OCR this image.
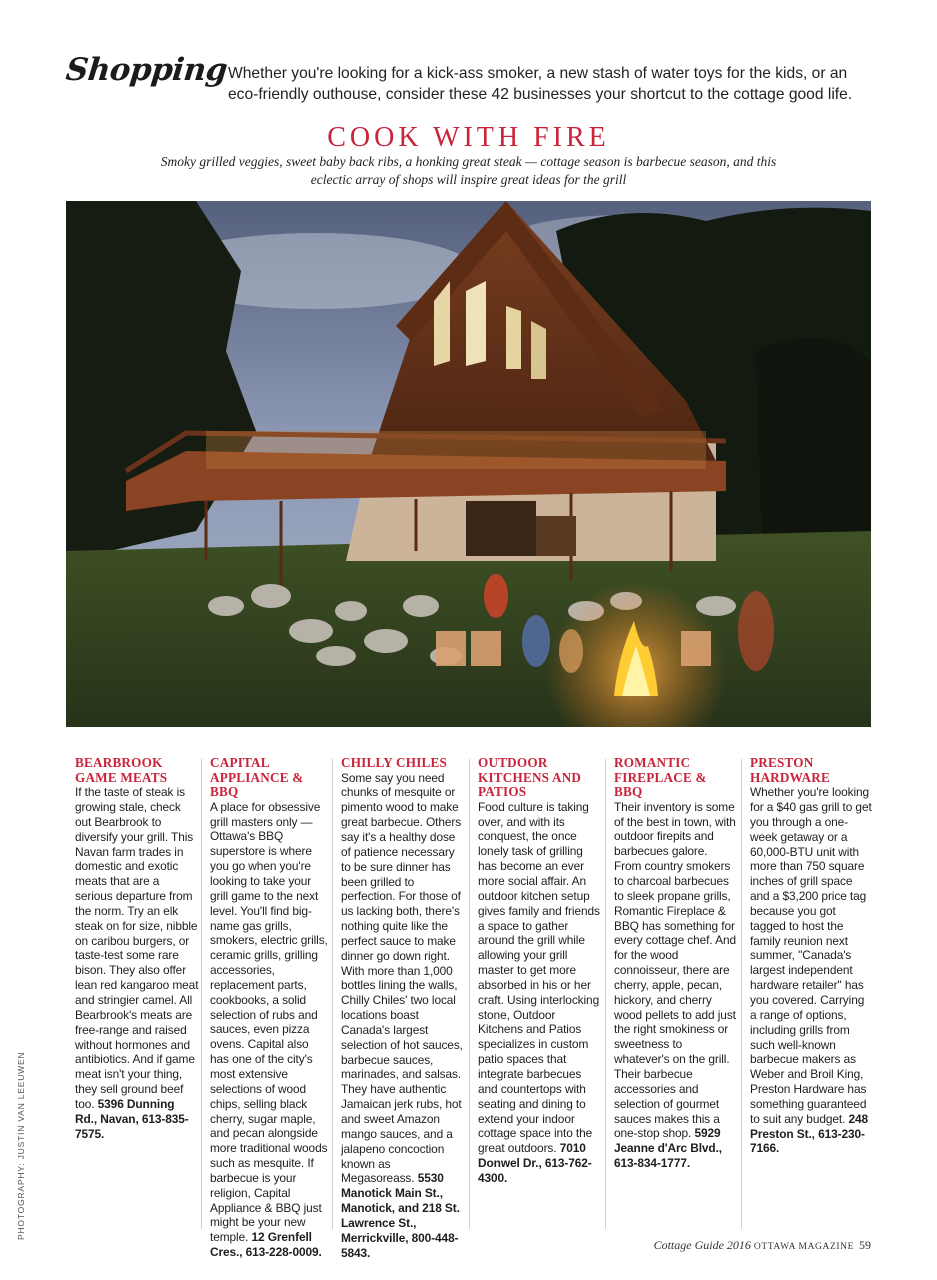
Shopping Whether you're looking for a kick-ass smoker, a new stash of water toys for the kids, or an eco-friendly outhouse, consider these 42 businesses your shortcut to the cottage good life.
COOK WITH FIRE
Smoky grilled veggies, sweet baby back ribs, a honking great steak — cottage season is barbecue season, and this eclectic array of shops will inspire great ideas for the grill
PHOTOGRAPHY: JUSTIN VAN LEEUWEN
BEARBROOK GAME MEATS

If the taste of steak is growing stale, check out Bearbrook to diversify your grill. This Navan farm trades in domestic and exotic meats that are a serious departure from the norm. Try an elk steak on for size, nibble on caribou burgers, or taste-test some rare bison. They also offer lean red kangaroo meat and stringier camel. All Bearbrook's meats are free-range and raised without hormones and antibiotics. And if game meat isn't your thing, they sell ground beef too. 5396 Dunning Rd., Navan, 613-835-7575.

CAPITAL APPLIANCE & BBQ

A place for obsessive grill masters only — Ottawa's BBQ superstore is where you go when you're looking to take your grill game to the next level. You'll find big-name gas grills, smokers, electric grills, ceramic grills, grilling accessories, replacement parts, cookbooks, a solid selection of rubs and sauces, even pizza ovens. Capital also has one of the city's most extensive selections of wood chips, selling black cherry, sugar maple, and pecan alongside more traditional woods such as mesquite. If barbecue is your religion, Capital Appliance & BBQ just might be your new temple. 12 Grenfell Cres., 613-228-0009.

CHILLY CHILES

Some say you need chunks of mesquite or pimento wood to make great barbecue. Others say it's a healthy dose of patience necessary to be sure dinner has been grilled to perfection. For those of us lacking both, there's nothing quite like the perfect sauce to make dinner go down right. With more than 1,000 bottles lining the walls, Chilly Chiles' two local locations boast Canada's largest selection of hot sauces, barbecue sauces, marinades, and salsas. They have authentic Jamaican jerk rubs, hot and sweet Amazon mango sauces, and a jalapeno concoction known as Megasoreass. 5530 Manotick Main St., Manotick, and 218 St. Lawrence St., Merrickville, 800-448-5843.

OUTDOOR KITCHENS AND PATIOS

Food culture is taking over, and with its conquest, the once lonely task of grilling has become an ever more social affair. An outdoor kitchen setup gives family and friends a space to gather around the grill while allowing your grill master to get more absorbed in his or her craft. Using interlocking stone, Outdoor Kitchens and Patios specializes in custom patio spaces that integrate barbecues and countertops with seating and dining to extend your indoor cottage space into the great outdoors. 7010 Donwel Dr., 613-762-4300.

ROMANTIC FIREPLACE & BBQ

Their inventory is some of the best in town, with outdoor firepits and barbecues galore. From country smokers to charcoal barbecues to sleek propane grills, Romantic Fireplace & BBQ has something for every cottage chef. And for the wood connoisseur, there are cherry, apple, pecan, hickory, and cherry wood pellets to add just the right smokiness or sweetness to whatever's on the grill. Their barbecue accessories and selection of gourmet sauces makes this a one-stop shop. 5929 Jeanne d'Arc Blvd., 613-834-1777.

PRESTON HARDWARE

Whether you're looking for a $40 gas grill to get you through a one-week getaway or a 60,000-BTU unit with more than 750 square inches of grill space and a $3,200 price tag because you got tagged to host the family reunion next summer, "Canada's largest independent hardware retailer" has you covered. Carrying a range of options, including grills from such well-known barbecue makers as Weber and Broil King, Preston Hardware has something guaranteed to suit any budget. 248 Preston St., 613-230-7166.

Cottage Guide 2016 OTTAWA MAGAZINE 59
